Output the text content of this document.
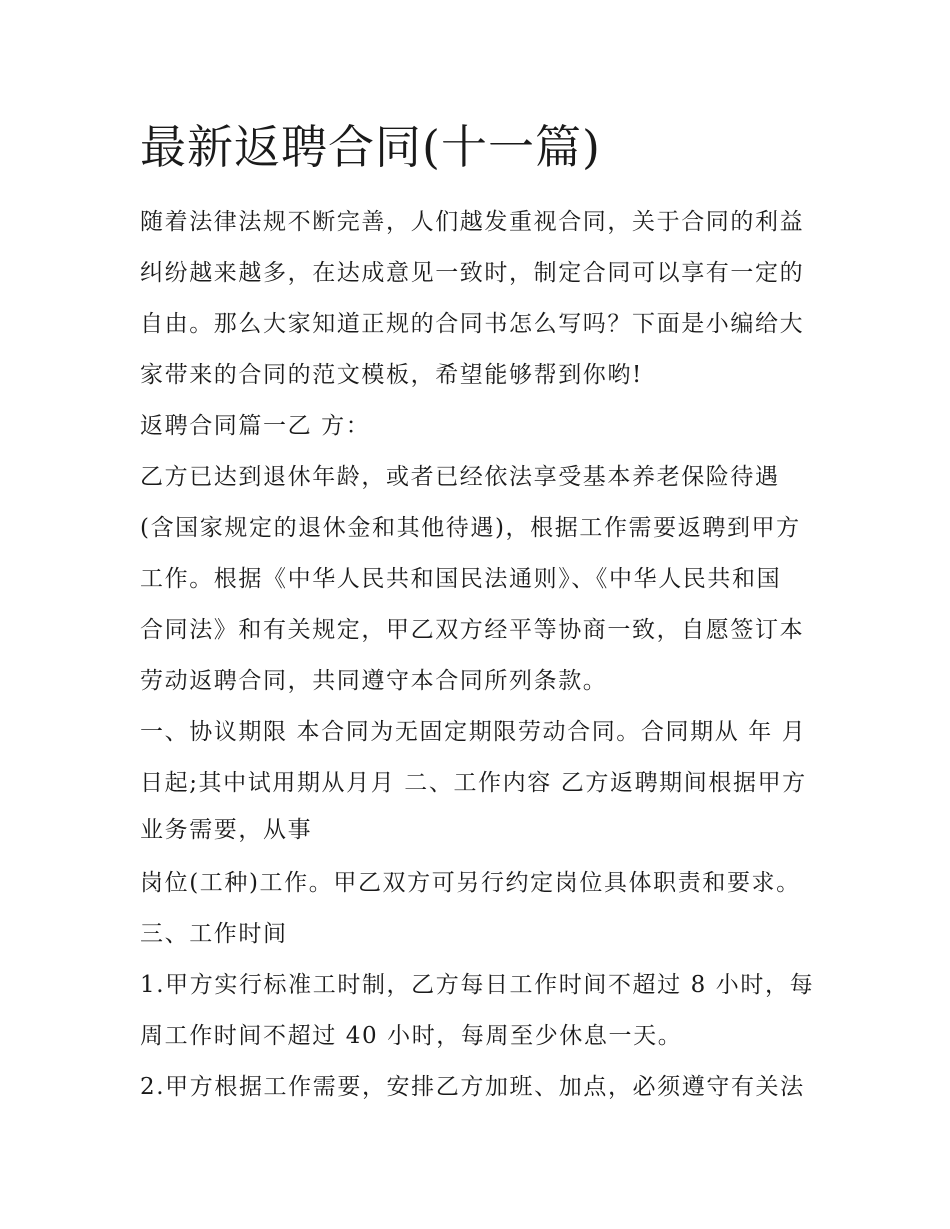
最新返聘合同(十一篇)

随着法律法规不断完善，人们越发重视合同，关于合同的利益

纠纷越来越多，在达成意见一致时，制定合同可以享有一定的

自由。那么大家知道正规的合同书怎么写吗？下面是小编给大

家带来的合同的范文模板，希望能够帮到你哟!

返聘合同篇一乙 方：

乙方已达到退休年龄，或者已经依法享受基本养老保险待遇

(含国家规定的退休金和其他待遇)，根据工作需要返聘到甲方

工作。根据《中华人民共和国民法通则》、《中华人民共和国

合同法》和有关规定，甲乙双方经平等协商一致，自愿签订本

劳动返聘合同，共同遵守本合同所列条款。

一、协议期限 本合同为无固定期限劳动合同。合同期从 年 月

日起;其中试用期从月月 二、工作内容 乙方返聘期间根据甲方

业务需要，从事

岗位(工种)工作。甲乙双方可另行约定岗位具体职责和要求。

三、工作时间

1.甲方实行标准工时制，乙方每日工作时间不超过 8 小时，每

周工作时间不超过 40 小时，每周至少休息一天。

2.甲方根据工作需要，安排乙方加班、加点，必须遵守有关法
